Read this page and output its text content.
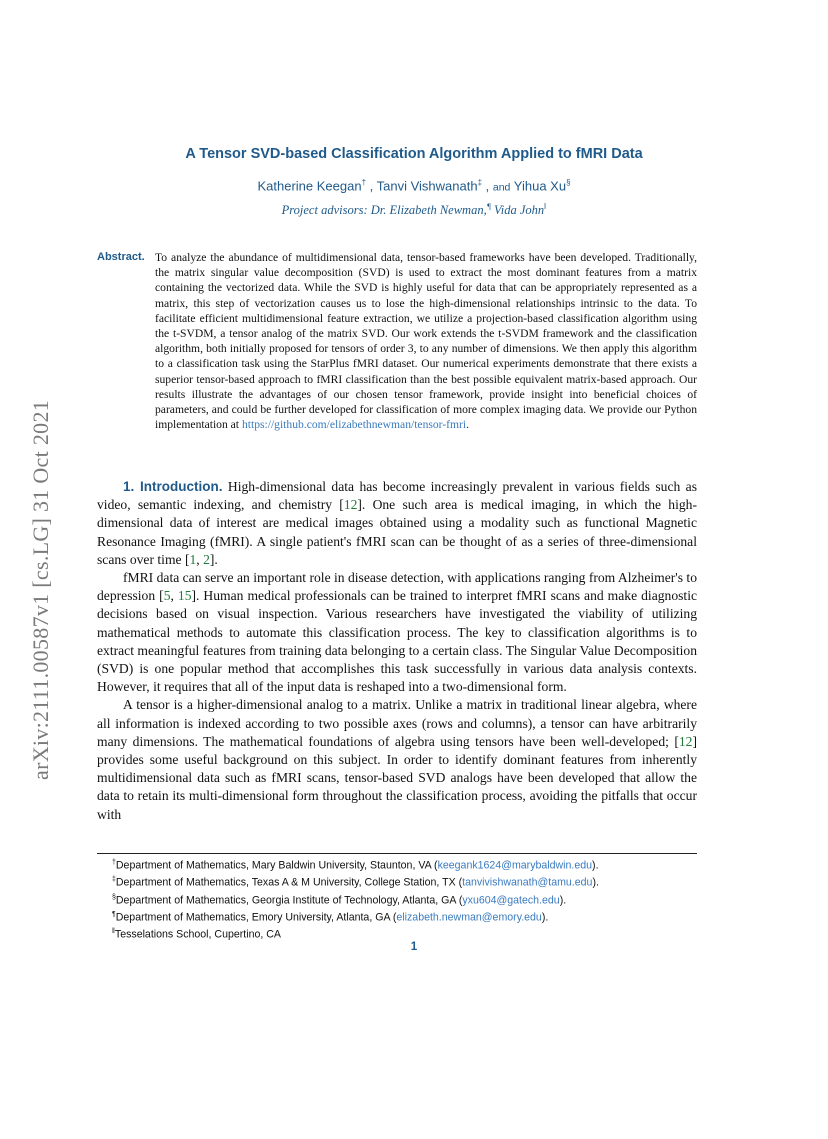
arXiv:2111.00587v1 [cs.LG] 31 Oct 2021
A Tensor SVD-based Classification Algorithm Applied to fMRI Data
Katherine Keegan† , Tanvi Vishwanath‡ , and Yihua Xu§
Project advisors: Dr. Elizabeth Newman,¶ Vida John‖
Abstract. To analyze the abundance of multidimensional data, tensor-based frameworks have been developed. Traditionally, the matrix singular value decomposition (SVD) is used to extract the most dominant features from a matrix containing the vectorized data. While the SVD is highly useful for data that can be appropriately represented as a matrix, this step of vectorization causes us to lose the high-dimensional relationships intrinsic to the data. To facilitate efficient multidimensional feature extraction, we utilize a projection-based classification algorithm using the t-SVDM, a tensor analog of the matrix SVD. Our work extends the t-SVDM framework and the classification algorithm, both initially proposed for tensors of order 3, to any number of dimensions. We then apply this algorithm to a classification task using the StarPlus fMRI dataset. Our numerical experiments demonstrate that there exists a superior tensor-based approach to fMRI classification than the best possible equivalent matrix-based approach. Our results illustrate the advantages of our chosen tensor framework, provide insight into beneficial choices of parameters, and could be further developed for classification of more complex imaging data. We provide our Python implementation at https://github.com/elizabethnewman/tensor-fmri.

1. Introduction. High-dimensional data has become increasingly prevalent in various fields such as video, semantic indexing, and chemistry [12]. One such area is medical imaging, in which the high-dimensional data of interest are medical images obtained using a modality such as functional Magnetic Resonance Imaging (fMRI). A single patient's fMRI scan can be thought of as a series of three-dimensional scans over time [1, 2].

fMRI data can serve an important role in disease detection, with applications ranging from Alzheimer's to depression [5, 15]. Human medical professionals can be trained to interpret fMRI scans and make diagnostic decisions based on visual inspection. Various researchers have investigated the viability of utilizing mathematical methods to automate this classification process. The key to classification algorithms is to extract meaningful features from training data belonging to a certain class. The Singular Value Decomposition (SVD) is one popular method that accomplishes this task successfully in various data analysis contexts. However, it requires that all of the input data is reshaped into a two-dimensional form.

A tensor is a higher-dimensional analog to a matrix. Unlike a matrix in traditional linear algebra, where all information is indexed according to two possible axes (rows and columns), a tensor can have arbitrarily many dimensions. The mathematical foundations of algebra using tensors have been well-developed; [12] provides some useful background on this subject. In order to identify dominant features from inherently multidimensional data such as fMRI scans, tensor-based SVD analogs have been developed that allow the data to retain its multi-dimensional form throughout the classification process, avoiding the pitfalls that occur with

†Department of Mathematics, Mary Baldwin University, Staunton, VA (keegank1624@marybaldwin.edu).
‡Department of Mathematics, Texas A & M University, College Station, TX (tanvivishwanath@tamu.edu).
§Department of Mathematics, Georgia Institute of Technology, Atlanta, GA (yxu604@gatech.edu).
¶Department of Mathematics, Emory University, Atlanta, GA (elizabeth.newman@emory.edu).
‖Tesselations School, Cupertino, CA
1
